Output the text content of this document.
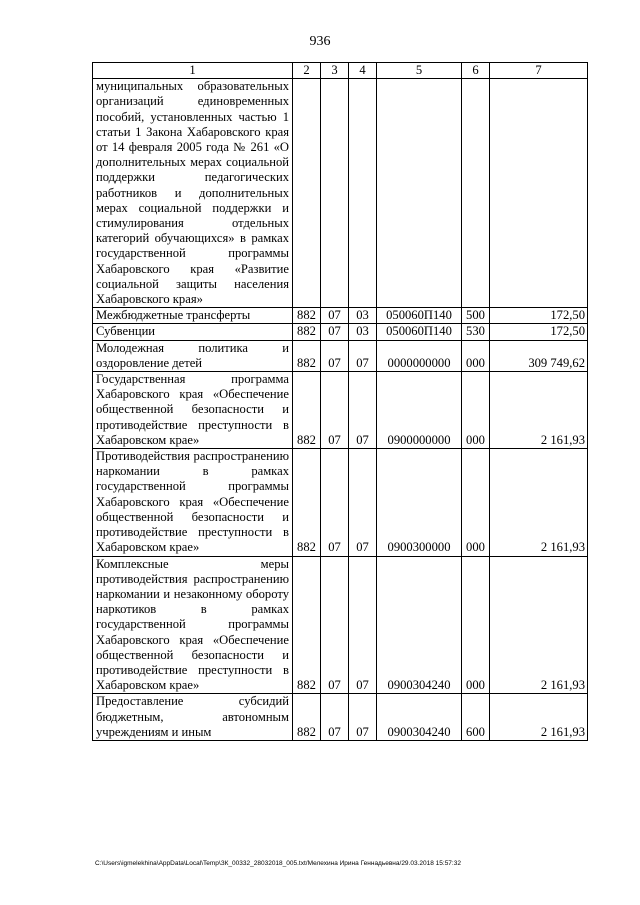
936
1	2	3	4	5	6	7
муниципальных образовательных организаций единовременных пособий, установленных частью 1 статьи 1 Закона Хабаровского края от 14 февраля 2005 года № 261 «О дополнительных мерах социальной поддержки педагогических работников и дополнительных мерах социальной поддержки и стимулирования отдельных категорий обучающихся» в рамках государственной программы Хабаровского края «Развитие социальной защиты населения Хабаровского края»						
Межбюджетные трансферты	882	07	03	050060П140	500	172,50
Субвенции	882	07	03	050060П140	530	172,50
Молодежная политика и оздоровление детей	882	07	07	0000000000	000	309 749,62
Государственная программа Хабаровского края «Обеспечение общественной безопасности и противодействие преступности в Хабаровском крае»	882	07	07	0900000000	000	2 161,93
Противодействия распространению наркомании в рамках государственной программы Хабаровского края «Обеспечение общественной безопасности и противодействие преступности в Хабаровском крае»	882	07	07	0900300000	000	2 161,93
Комплексные меры противодействия распространению наркомании и незаконному обороту наркотиков в рамках государственной программы Хабаровского края «Обеспечение общественной безопасности и противодействие преступности в Хабаровском крае»	882	07	07	0900304240	000	2 161,93
Предоставление субсидий бюджетным, автономным учреждениям и иным	882	07	07	0900304240	600	2 161,93
C:\Users\igmelekhina\AppData\Local\Temp\ЗК_00332_28032018_005.txt/Мелехина Ирина Геннадьевна/29.03.2018 15:57:32
